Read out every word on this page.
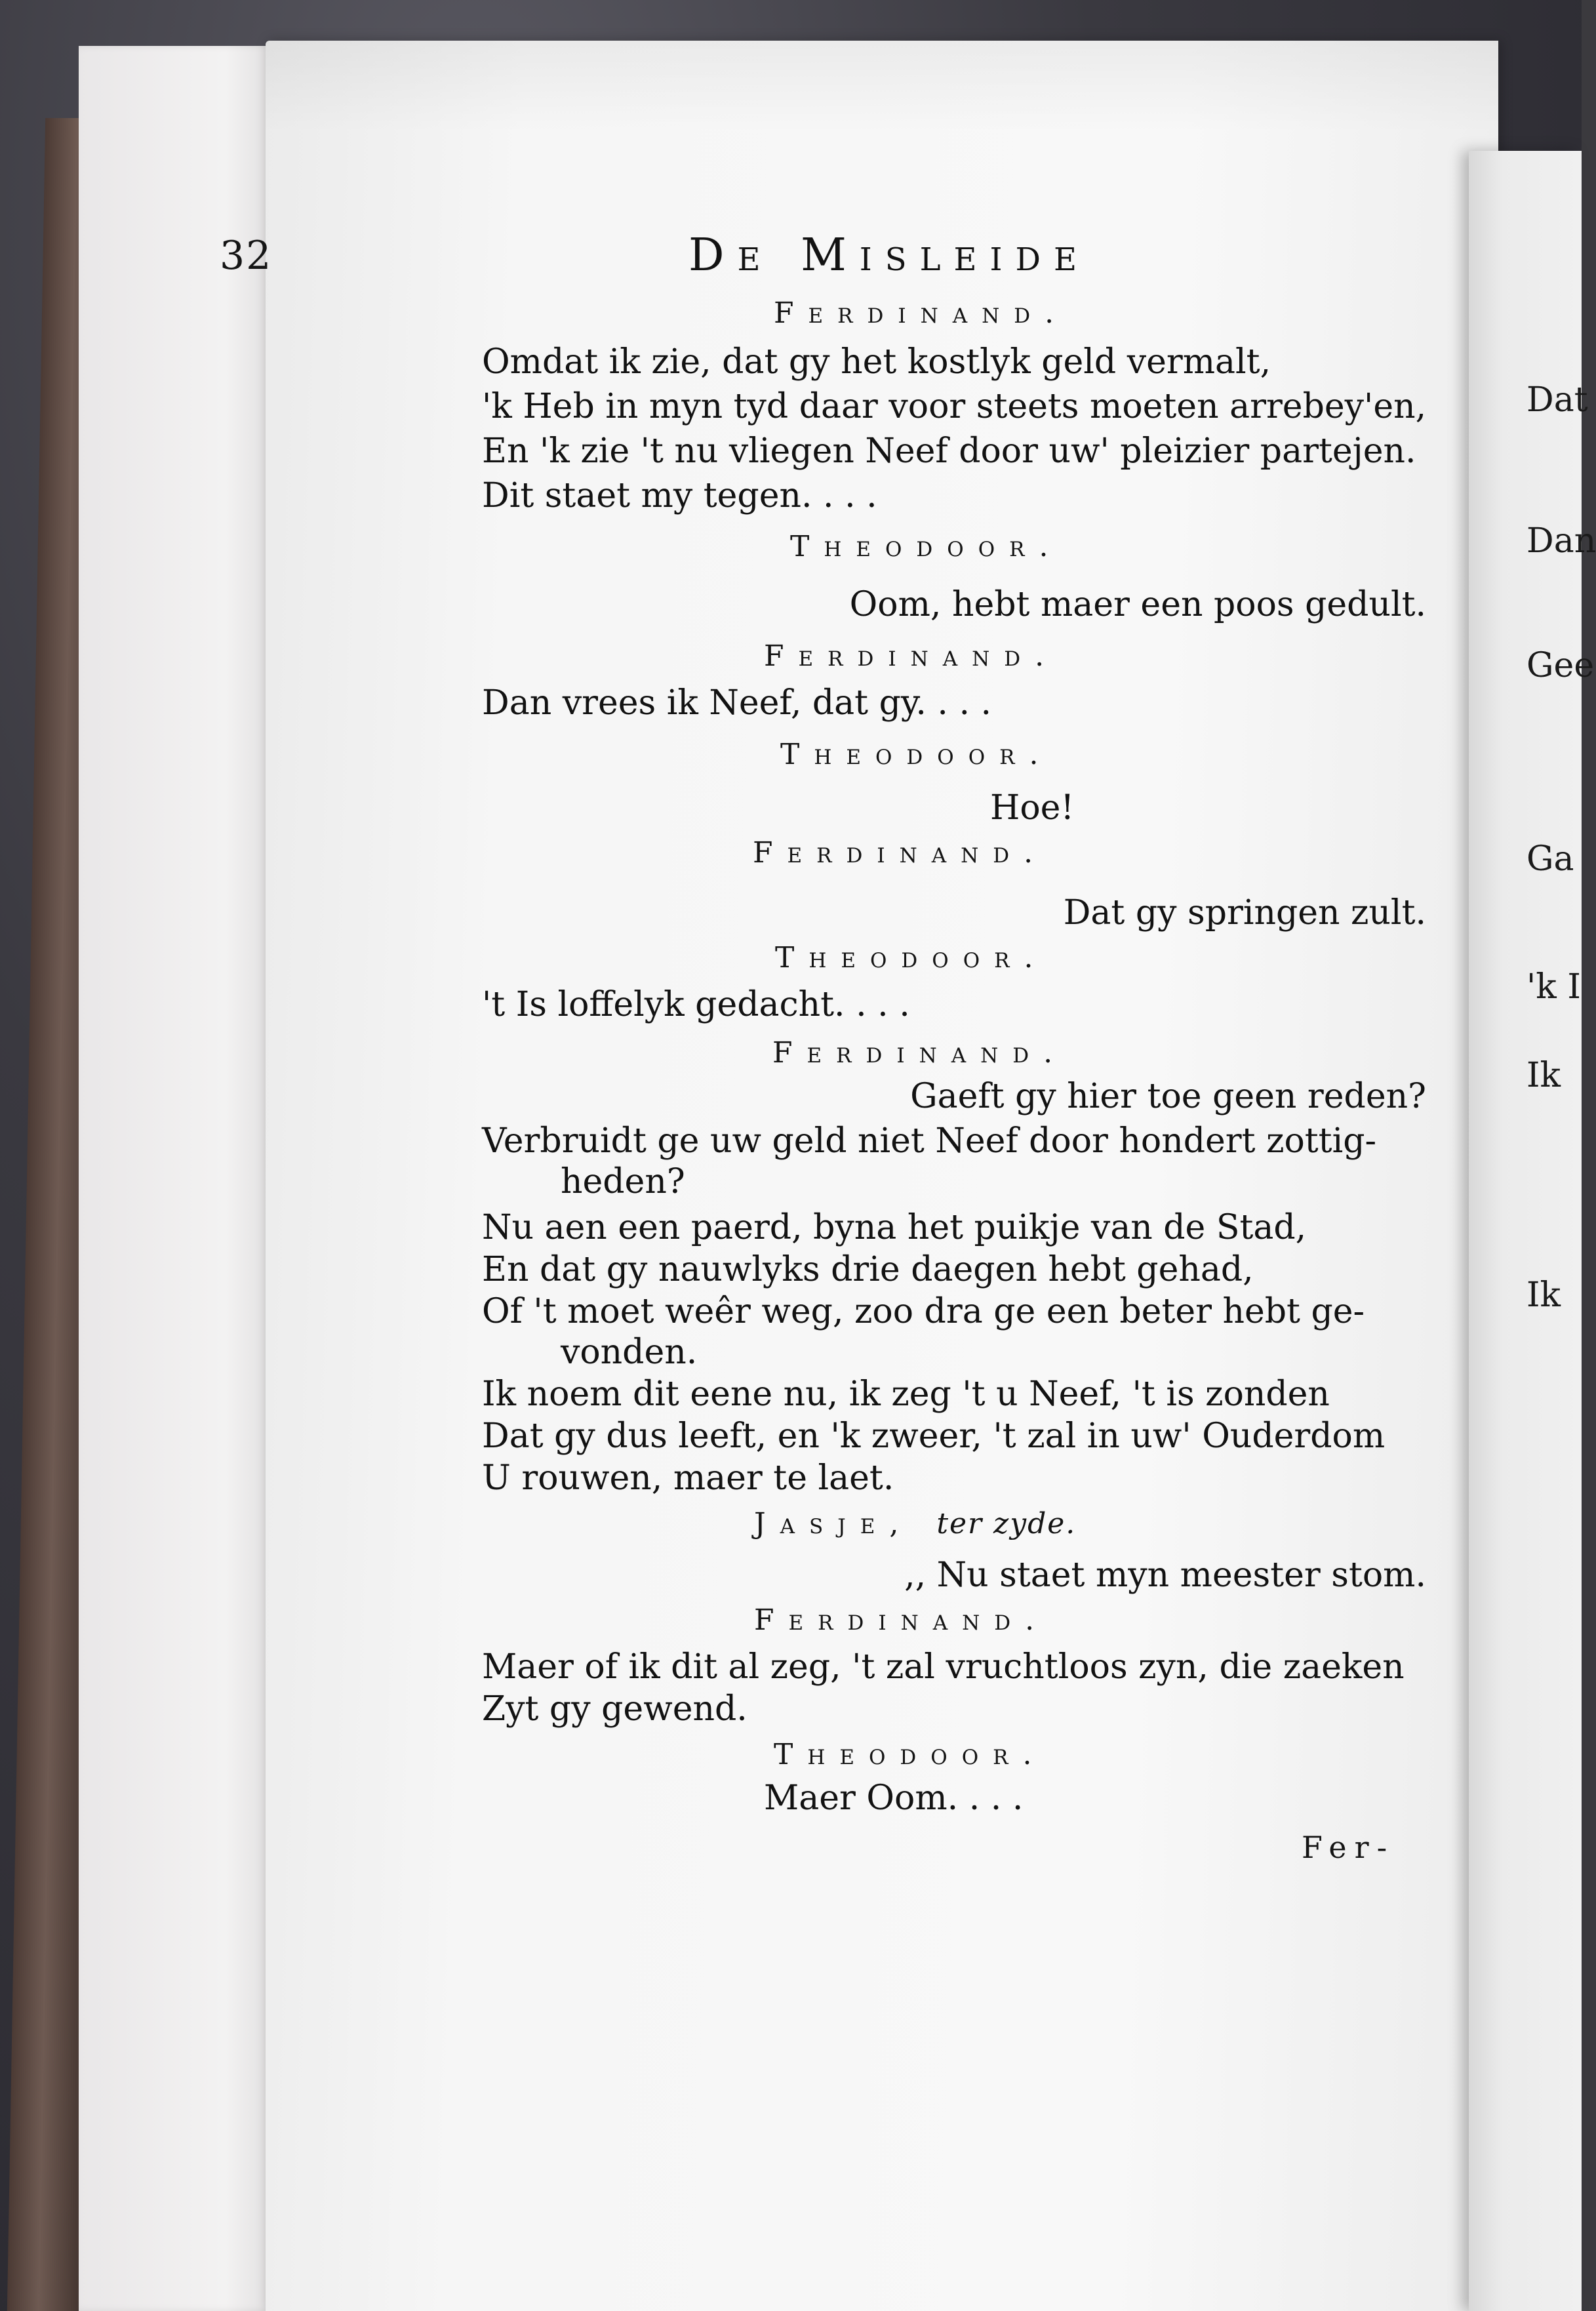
Dat
Dan
Gee
Ga
'k I
Ik
Ik
32	De Misleide
Ferdinand.
Omdat ik zie, dat gy het kostlyk geld vermalt,
'k Heb in myn tyd daar voor steets moeten arrebey'en,
En 'k zie 't nu vliegen Neef door uw' pleizier partejen.
Dit staet my tegen. . . .
Theodoor.
Oom, hebt maer een poos gedult.
Ferdinand.
Dan vrees ik Neef, dat gy. . . .
Theodoor.
Hoe!
Ferdinand.
Dat gy springen zult.
Theodoor.
't Is loffelyk gedacht. . . .
Ferdinand.
Gaeft gy hier toe geen reden?
Verbruidt ge uw geld niet Neef door hondert zottig-
heden?
Nu aen een paerd, byna het puikje van de Stad,
En dat gy nauwlyks drie daegen hebt gehad,
Of 't moet weêr weg, zoo dra ge een beter hebt ge-
vonden.
Ik noem dit eene nu, ik zeg 't u Neef, 't is zonden
Dat gy dus leeft, en 'k zweer, 't zal in uw' Ouderdom
U rouwen, maer te laet.
Jasje, ter zyde.
,, Nu staet myn meester stom.
Ferdinand.
Maer of ik dit al zeg, 't zal vruchtloos zyn, die zaeken
Zyt gy gewend.
Theodoor.
Maer Oom. . . .
Fer-
